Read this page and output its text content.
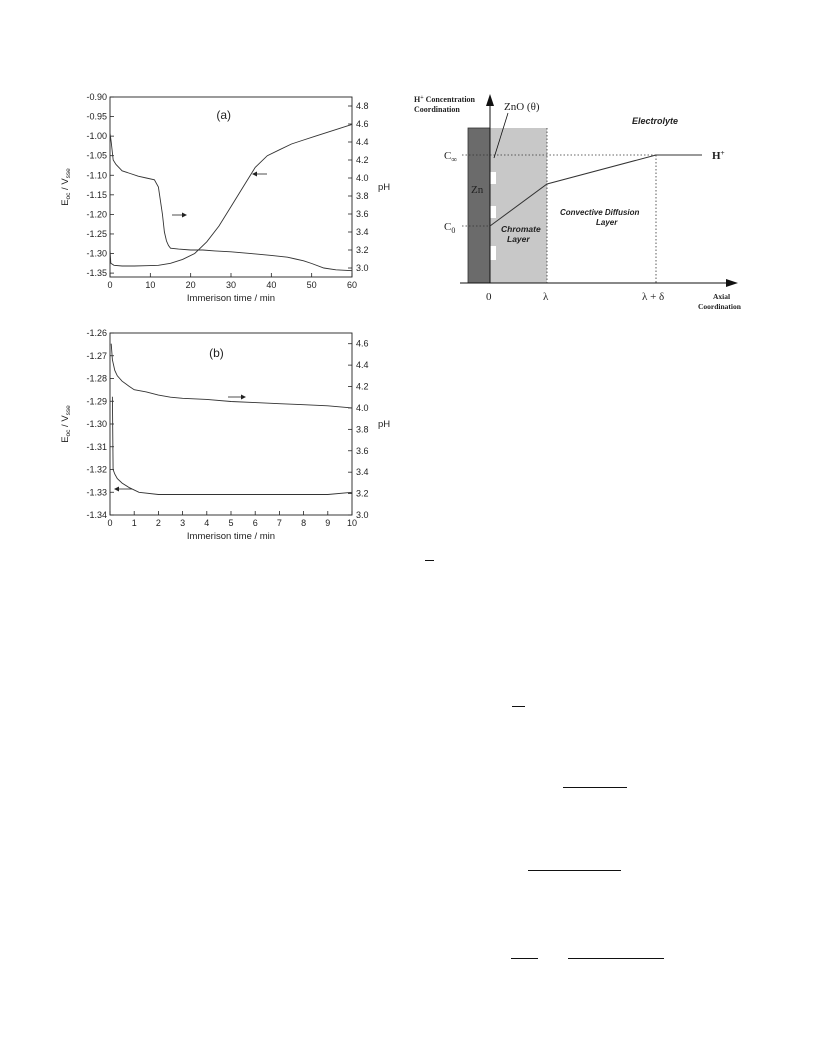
0	10	20	30	40	50	60
-0.90
-0.95
-1.00
-1.05
-1.10
-1.15
-1.20
-1.25
-1.30
-1.35
3.0
3.2
3.4
3.6
3.8
4.0
4.2
4.4
4.6
4.8
Immerison time / min
$E_{oc} / V_{sse}$
pH
(a)
0 1 2 3 4 5 6 7 8 9 10
-1.26
-1.27
-1.28
-1.29
-1.30
-1.31
-1.32
-1.33
-1.34	3.0
3.2
3.4
3.6
3.8
4.0
4.2
4.4
4.6
Immerison time / min
$E_{oc} / V_{sse}$
pH
(b)
H+ Concentration
Coordination	ZnO (θ)
Electrolyte
Zn
$C_\infty$
$C_0$
H+
Chromate
Layer
Convective Diffusion
Layer
0	λ	λ + δ	Axial
Coordination
